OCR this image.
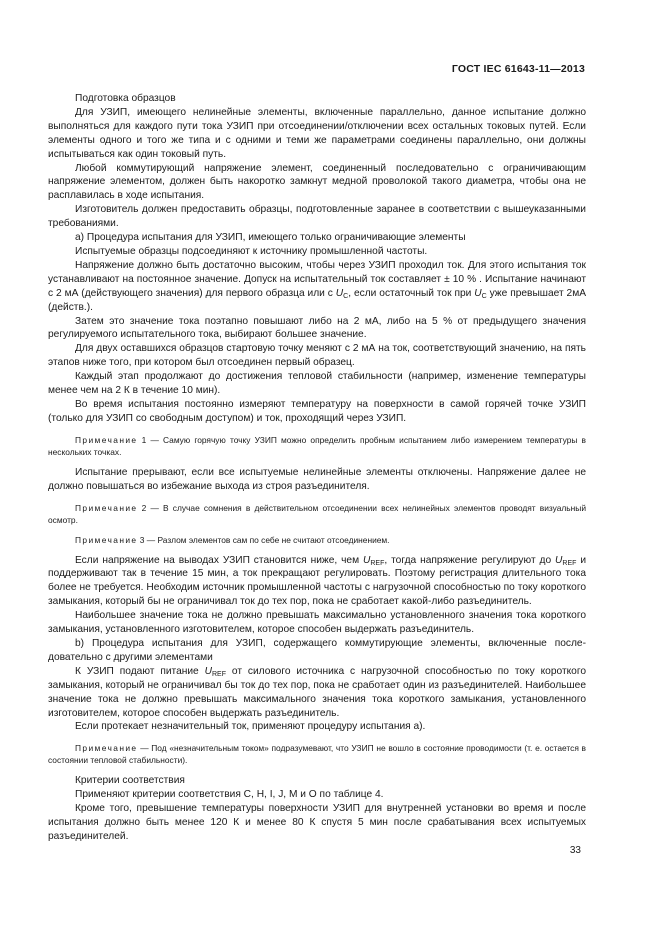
ГОСТ IEC 61643-11—2013

Подготовка образцов

Для УЗИП, имеющего нелинейные элементы, включенные параллельно, данное испытание должно выполняться для каждого пути тока УЗИП при отсоединении/отключении всех остальных токовых путей. Если элементы одного и того же типа и с одними и теми же параметрами соединены параллельно, они должны испытываться как один токовый путь.

Любой коммутирующий напряжение элемент, соединенный последовательно с ограничивающим напряжение элементом, должен быть накоротко замкнут медной проволокой такого диаметра, чтобы она не расплавилась в ходе испытания.

Изготовитель должен предоставить образцы, подготовленные заранее в соответствии с вышеуказанными требованиями.

а) Процедура испытания для УЗИП, имеющего только ограничивающие элементы

Испытуемые образцы подсоединяют к источнику промышленной частоты.

Напряжение должно быть достаточно высоким, чтобы через УЗИП проходил ток. Для этого испытания ток устанавливают на постоянное значение. Допуск на испытательный ток составляет ± 10 % . Испытание начинают с 2 мА (действующего значения) для первого образца или с $U_С$, если остаточный ток при $U_С$ уже превышает 2мА (действ.).

Затем это значение тока поэтапно повышают либо на 2 мА, либо на 5 % от предыдущего значения регулируемого испытательного тока, выбирают большее значение.

Для двух оставшихся образцов стартовую точку меняют с 2 мА на ток, соответствующий значению, на пять этапов ниже того, при котором был отсоединен первый образец.

Каждый этап продолжают до достижения тепловой стабильности (например, изменение температуры менее чем на 2 К в течение 10 мин).

Во время испытания постоянно измеряют температуру на поверхности в самой горячей точке УЗИП (только для УЗИП со свободным доступом) и ток, проходящий через УЗИП.

Примечание 1 — Самую горячую точку УЗИП можно определить пробным испытанием либо измерением температуры в нескольких точках.

Испытание прерывают, если все испытуемые нелинейные элементы отключены. Напряжение далее не должно повышаться во избежание выхода из строя разъединителя.

Примечание 2 — В случае сомнения в действительном отсоединении всех нелинейных элементов проводят визуальный осмотр.

Примечание 3 — Разлом элементов сам по себе не считают отсоединением.

Если напряжение на выводах УЗИП становится ниже, чем $U_{REF}$, тогда напряжение регулируют до $U_{REF}$ и поддерживают так в течение 15 мин, а ток прекращают регулировать. Поэтому регистрация длительного тока более не требуется. Необходим источник промышленной частоты с нагрузочной способностью по току короткого замыкания, который бы не ограничивал ток до тех пор, пока не сработает какой-либо разъединитель.

Наибольшее значение тока не должно превышать максимально установленного значения тока короткого замыкания, установленного изготовителем, которое способен выдержать разъединитель.

b) Процедура испытания для УЗИП, содержащего коммутирующие элементы, включенные последовательно с другими элементами

К УЗИП подают питание $U_{REF}$ от силового источника с нагрузочной способностью по току короткого замыкания, который не ограничивал бы ток до тех пор, пока не сработает один из разъединителей. Наибольшее значение тока не должно превышать максимального значения тока короткого замыкания, установленного изготовителем, которое способен выдержать разъединитель.

Если протекает незначительный ток, применяют процедуру испытания а).

Примечание — Под «незначительным током» подразумевают, что УЗИП не вошло в состояние проводимости (т. е. остается в состоянии тепловой стабильности).

Критерии соответствия

Применяют критерии соответствия С, Н, I, J, М и О по таблице 4.

Кроме того, превышение температуры поверхности УЗИП для внутренней установки во время и после испытания должно быть менее 120 К и менее 80 К спустя 5 мин после срабатывания всех испытуемых разъединителей.

33
